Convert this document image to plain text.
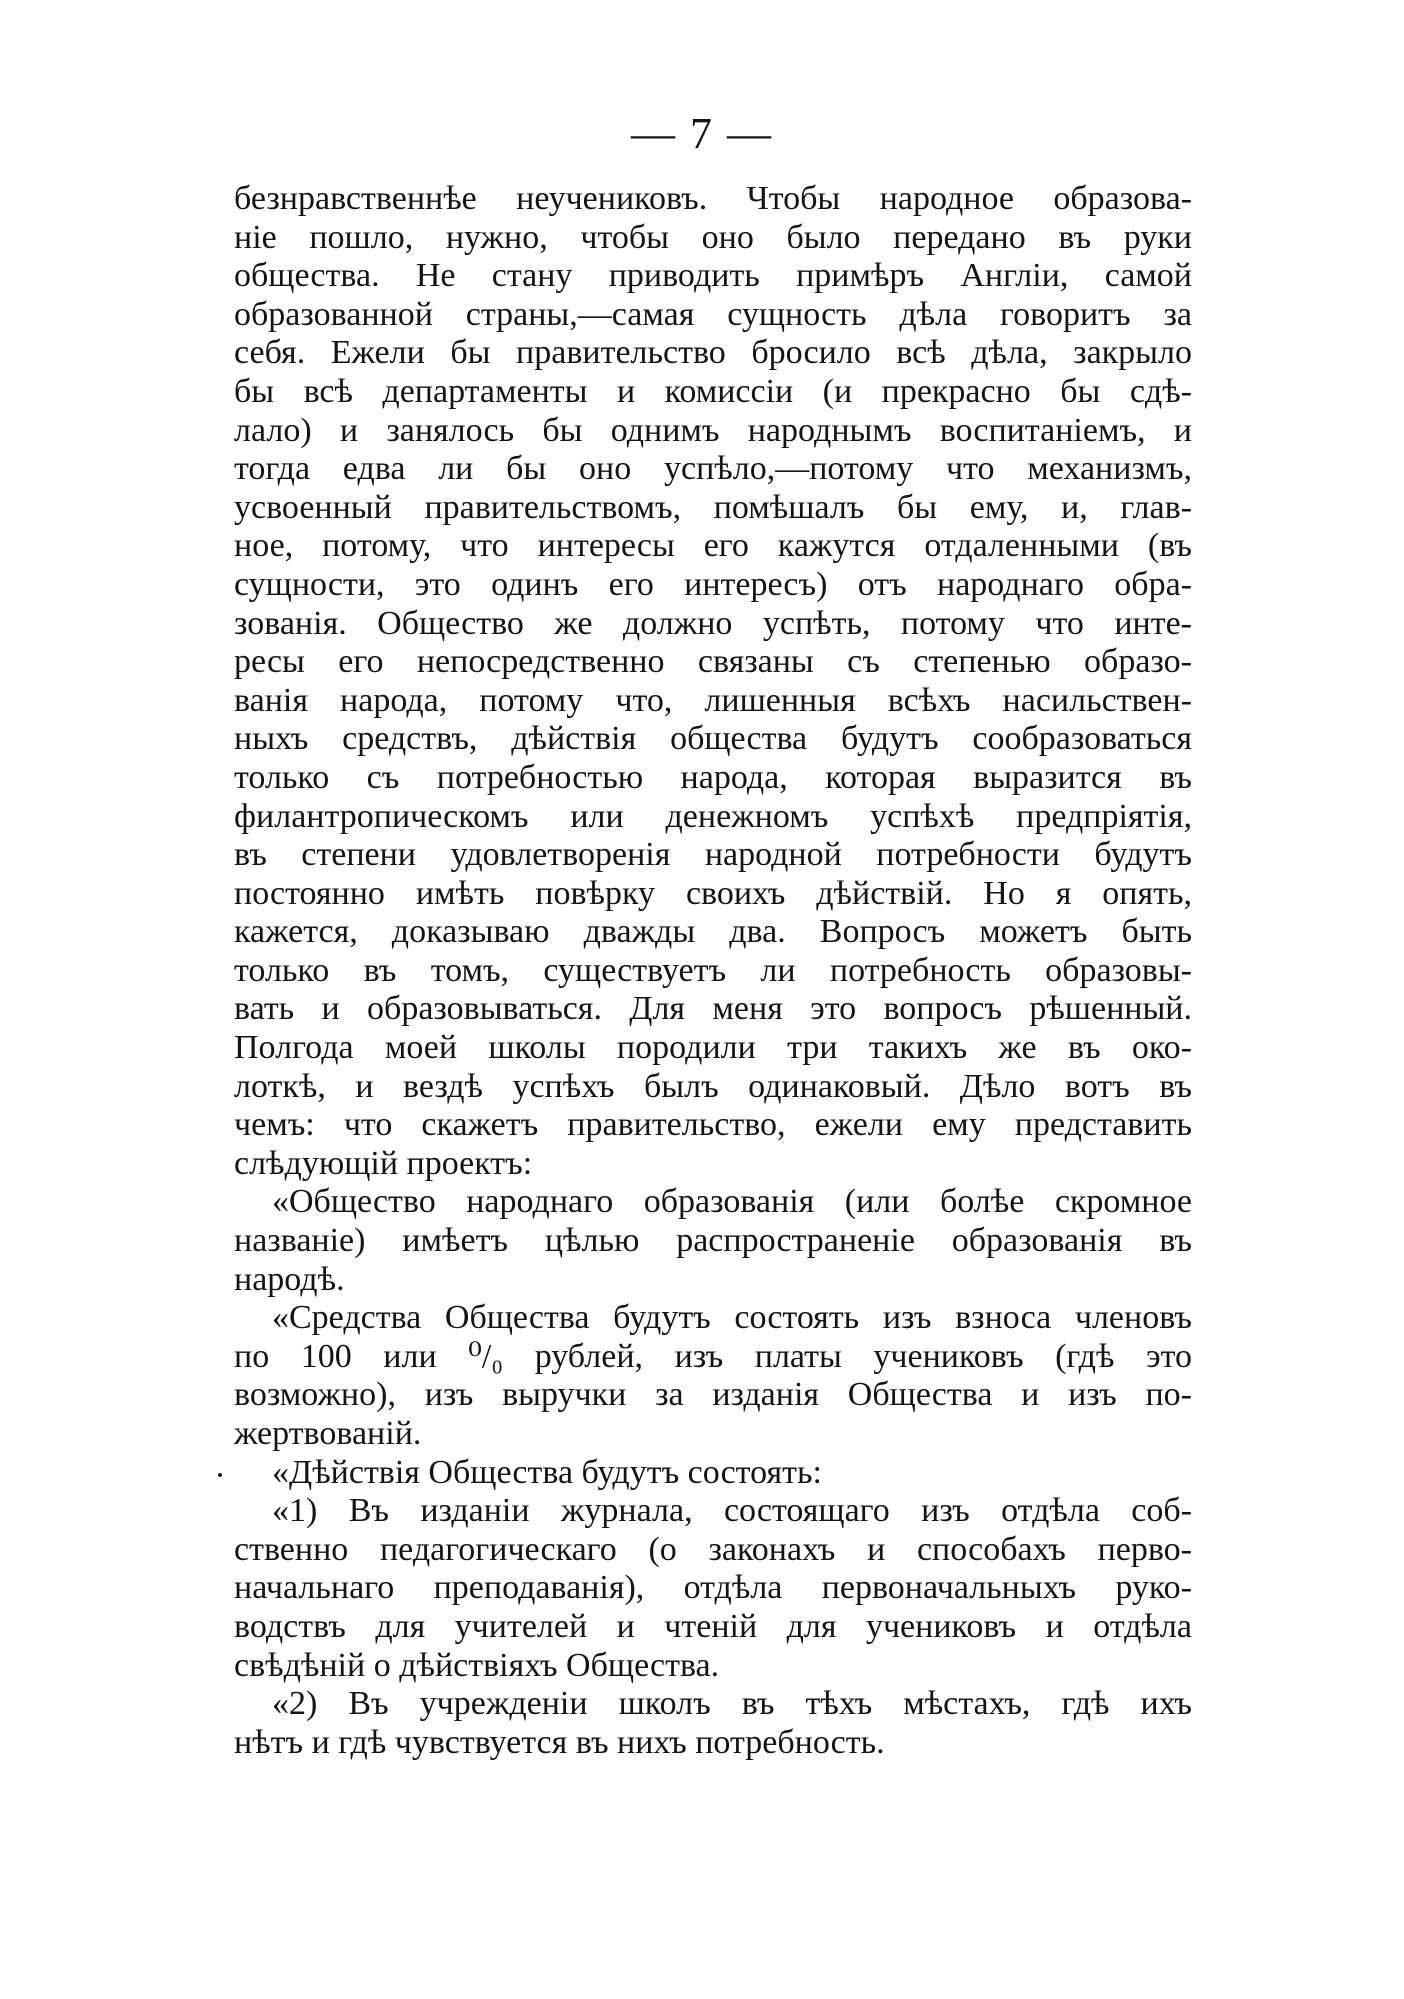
— 7 —
безнравственнѣе неучениковъ. Чтобы народное образова-
нiе пошло, нужно, чтобы оно было передано въ руки
общества. Не стану приводить примѣръ Англiи, самой
образованной страны,—самая сущность дѣла говоритъ за
себя. Ежели бы правительство бросило всѣ дѣла, закрыло
бы всѣ департаменты и комиссiи (и прекрасно бы сдѣ-
лало) и занялось бы однимъ народнымъ воспитанiемъ, и
тогда едва ли бы оно успѣло,—потому что механизмъ,
усвоенный правительствомъ, помѣшалъ бы ему, и, глав-
ное, потому, что интересы его кажутся отдаленными (въ
сущности, это одинъ его интересъ) отъ народнаго обра-
зованiя. Общество же должно успѣть, потому что инте-
ресы его непосредственно связаны съ степенью образо-
ванiя народа, потому что, лишенныя всѣхъ насильствен-
ныхъ средствъ, дѣйствiя общества будутъ сообразоваться
только съ потребностью народа, которая выразится въ
филантропическомъ или денежномъ успѣхѣ предпрiятiя,
въ степени удовлетворенiя народной потребности будутъ
постоянно имѣть повѣрку своихъ дѣйствiй. Но я опять,
кажется, доказываю дважды два. Вопросъ можетъ быть
только въ томъ, существуетъ ли потребность образовы-
вать и образовываться. Для меня это вопросъ рѣшенный.
Полгода моей школы породили три такихъ же въ око-
лоткѣ, и вездѣ успѣхъ былъ одинаковый. Дѣло вотъ въ
чемъ: что скажетъ правительство, ежели ему представить
слѣдующiй проектъ:
«Общество народнаго образованiя (или болѣе скромное
названiе) имѣетъ цѣлью распространенiе образованiя въ
народѣ.
«Средства Общества будутъ состоять изъ взноса членовъ
по 100 или ⁰/₀ рублей, изъ платы учениковъ (гдѣ это
возможно), изъ выручки за изданiя Общества и изъ по-
жертвованiй.
«Дѣйствiя Общества будутъ состоять:
«1) Въ изданiи журнала, состоящаго изъ отдѣла соб-
ственно педагогическаго (о законахъ и способахъ перво-
начальнаго преподаванiя), отдѣла первоначальныхъ руко-
водствъ для учителей и чтенiй для учениковъ и отдѣла
свѣдѣнiй о дѣйствiяхъ Общества.
«2) Въ учрежденiи школъ въ тѣхъ мѣстахъ, гдѣ ихъ
нѣтъ и гдѣ чувствуется въ нихъ потребность.
